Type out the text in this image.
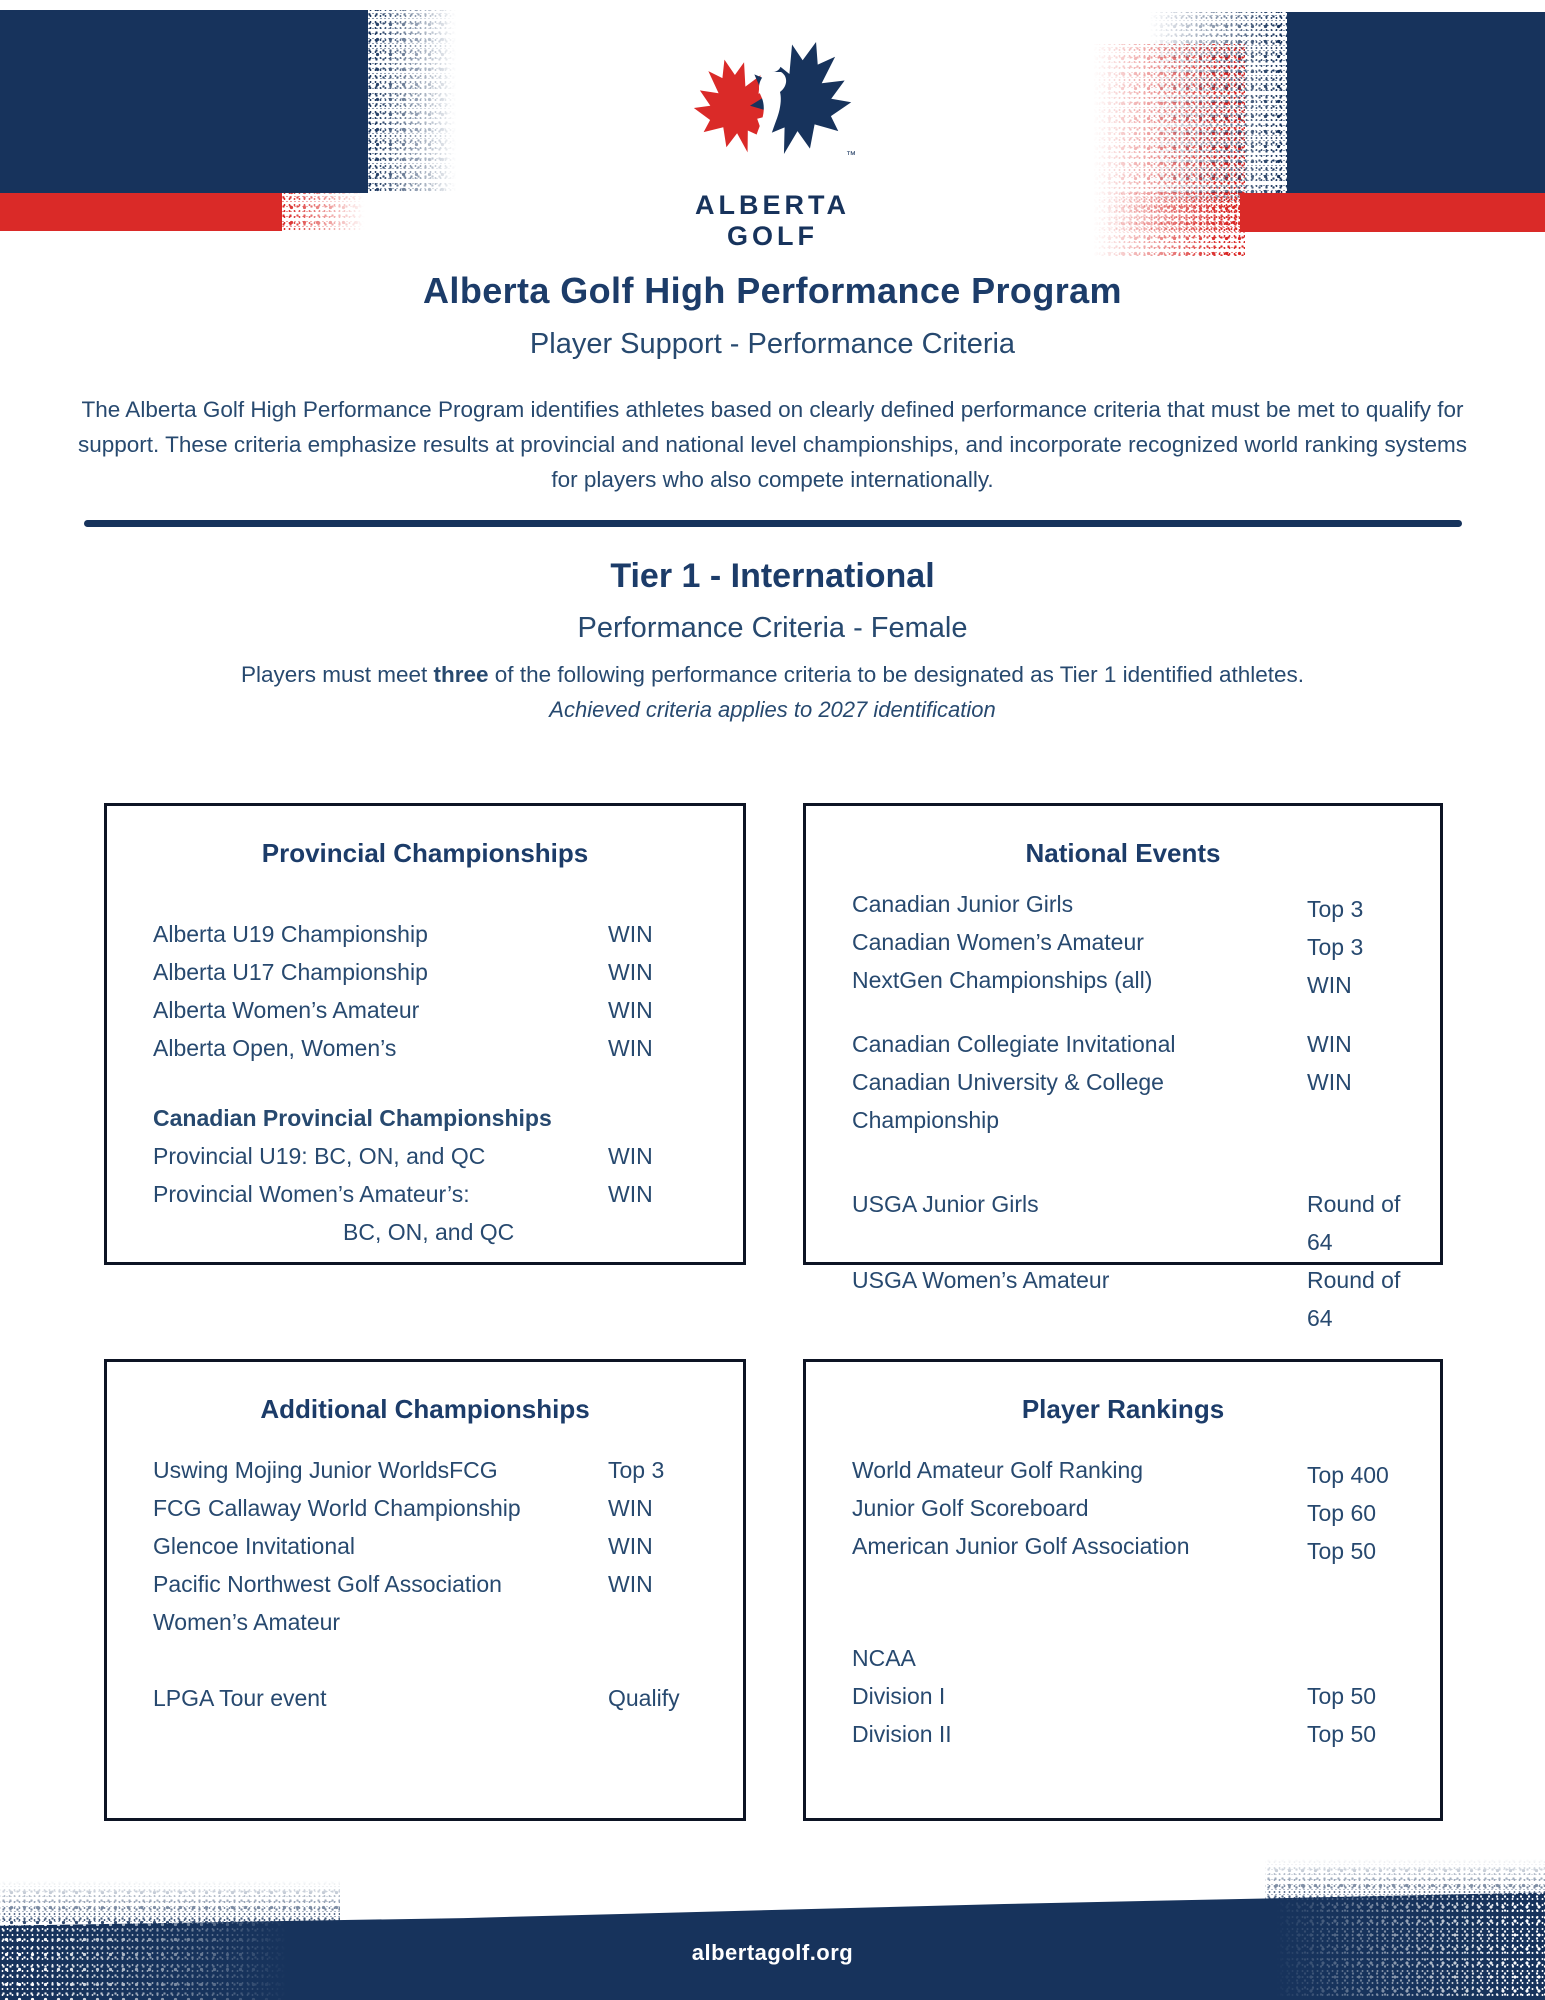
™
ALBERTA
GOLF
Alberta Golf High Performance Program
Player Support - Performance Criteria

The Alberta Golf High Performance Program identifies athletes based on clearly defined performance criteria that must be met to qualify for support. These criteria emphasize results at provincial and national level championships, and incorporate recognized world ranking systems for players who also compete internationally.

Tier 1 - International
Performance Criteria - Female

Players must meet three of the following performance criteria to be designated as Tier 1 identified athletes.

Achieved criteria applies to 2027 identification

Provincial Championships
Alberta U19 Championship	WIN
Alberta U17 Championship	WIN
Alberta Women’s Amateur	WIN
Alberta Open, Women’s	WIN
Canadian Provincial Championships
Provincial U19: BC, ON, and QC	WIN
Provincial Women’s Amateur’s:	WIN
BC, ON, and QC
National Events
Canadian Junior Girls	Top 3
Canadian Women’s Amateur	Top 3
NextGen Championships (all)	WIN
Canadian Collegiate Invitational	WIN
Canadian University & College	WIN
Championship
USGA Junior Girls	Round of 64
USGA Women’s Amateur	Round of 64
Additional Championships
Uswing Mojing Junior WorldsFCG	Top 3
FCG Callaway World Championship	WIN
Glencoe Invitational	WIN
Pacific Northwest Golf Association	WIN
Women’s Amateur
LPGA Tour event	Qualify
Player Rankings
World Amateur Golf Ranking	Top 400
Junior Golf Scoreboard	Top 60
American Junior Golf Association	Top 50
NCAA
Division I	Top 50
Division II	Top 50
albertagolf.org
